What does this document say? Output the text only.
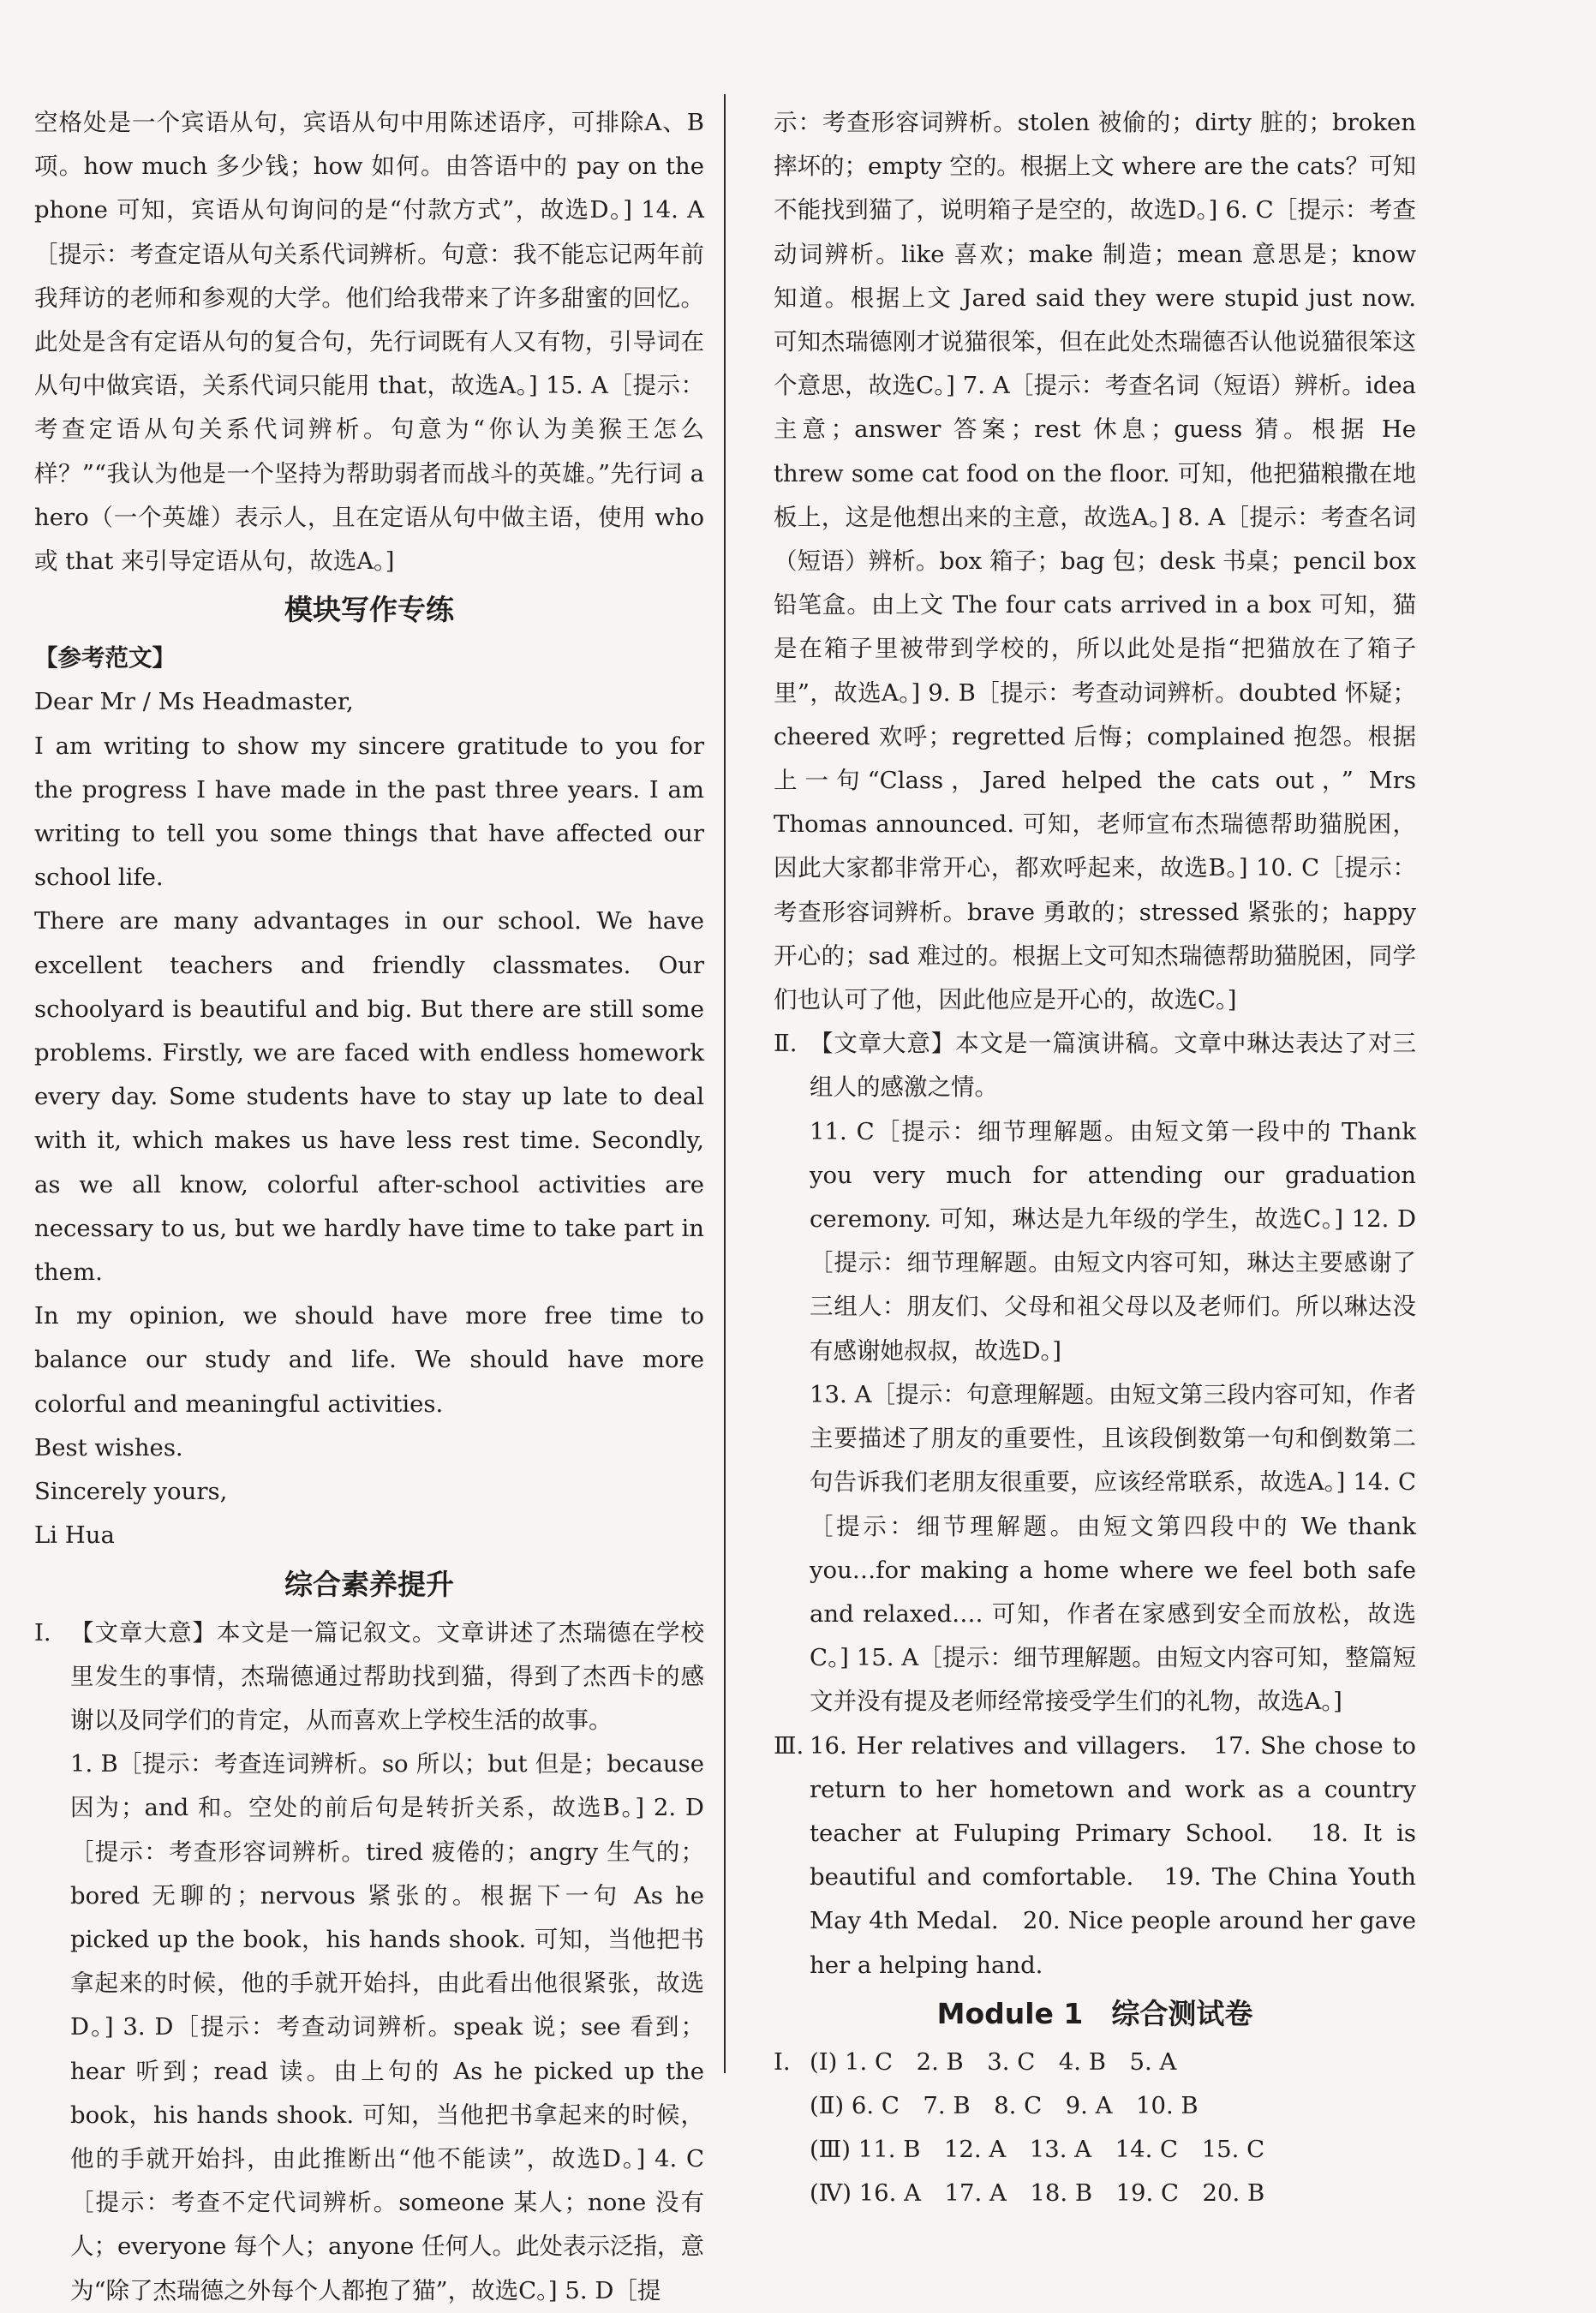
空格处是一个宾语从句，宾语从句中用陈述语序，可排除A、B项。how much 多少钱；how 如何。由答语中的 pay on the phone 可知，宾语从句询问的是“付款方式”，故选D。] 14. A［提示：考查定语从句关系代词辨析。句意：我不能忘记两年前我拜访的老师和参观的大学。他们给我带来了许多甜蜜的回忆。此处是含有定语从句的复合句，先行词既有人又有物，引导词在从句中做宾语，关系代词只能用 that，故选A。] 15. A［提示：考查定语从句关系代词辨析。句意为“你认为美猴王怎么样？”“我认为他是一个坚持为帮助弱者而战斗的英雄。”先行词 a hero（一个英雄）表示人，且在定语从句中做主语，使用 who 或 that 来引导定语从句，故选A。]

模块写作专练

【参考范文】

Dear Mr / Ms Headmaster,

I am writing to show my sincere gratitude to you for the progress I have made in the past three years. I am writing to tell you some things that have affected our school life.

There are many advantages in our school. We have excellent teachers and friendly classmates. Our schoolyard is beautiful and big. But there are still some problems. Firstly, we are faced with endless homework every day. Some students have to stay up late to deal with it, which makes us have less rest time. Secondly, as we all know, colorful after-school activities are necessary to us, but we hardly have time to take part in them.

In my opinion, we should have more free time to balance our study and life. We should have more colorful and meaningful activities.

Best wishes.

Sincerely yours,

Li Hua

综合素养提升
Ⅰ. 【文章大意】本文是一篇记叙文。文章讲述了杰瑞德在学校里发生的事情，杰瑞德通过帮助找到猫，得到了杰西卡的感谢以及同学们的肯定，从而喜欢上学校生活的故事。

1. B［提示：考查连词辨析。so 所以；but 但是；because 因为；and 和。空处的前后句是转折关系，故选B。] 2. D［提示：考查形容词辨析。tired 疲倦的；angry 生气的；bored 无聊的；nervous 紧张的。根据下一句 As he picked up the book，his hands shook. 可知，当他把书拿起来的时候，他的手就开始抖，由此看出他很紧张，故选D。] 3. D［提示：考查动词辨析。speak 说；see 看到；hear 听到；read 读。由上句的 As he picked up the book，his hands shook. 可知，当他把书拿起来的时候，他的手就开始抖，由此推断出“他不能读”，故选D。] 4. C［提示：考查不定代词辨析。someone 某人；none 没有人；everyone 每个人；anyone 任何人。此处表示泛指，意为“除了杰瑞德之外每个人都抱了猫”，故选C。] 5. D［提

示：考查形容词辨析。stolen 被偷的；dirty 脏的；broken 摔坏的；empty 空的。根据上文 where are the cats？可知不能找到猫了，说明箱子是空的，故选D。] 6. C［提示：考查动词辨析。like 喜欢；make 制造；mean 意思是；know 知道。根据上文 Jared said they were stupid just now. 可知杰瑞德刚才说猫很笨，但在此处杰瑞德否认他说猫很笨这个意思，故选C。] 7. A［提示：考查名词（短语）辨析。idea 主意；answer 答案；rest 休息；guess 猜。根据 He threw some cat food on the floor. 可知，他把猫粮撒在地板上，这是他想出来的主意，故选A。] 8. A［提示：考查名词（短语）辨析。box 箱子；bag 包；desk 书桌；pencil box 铅笔盒。由上文 The four cats arrived in a box 可知，猫是在箱子里被带到学校的，所以此处是指“把猫放在了箱子里”，故选A。] 9. B［提示：考查动词辨析。doubted 怀疑；cheered 欢呼；regretted 后悔；complained 抱怨。根据上一句“Class，Jared helped the cats out，” Mrs Thomas announced. 可知，老师宣布杰瑞德帮助猫脱困，因此大家都非常开心，都欢呼起来，故选B。] 10. C［提示：考查形容词辨析。brave 勇敢的；stressed 紧张的；happy 开心的；sad 难过的。根据上文可知杰瑞德帮助猫脱困，同学们也认可了他，因此他应是开心的，故选C。]

Ⅱ. 【文章大意】本文是一篇演讲稿。文章中琳达表达了对三组人的感激之情。

11. C［提示：细节理解题。由短文第一段中的 Thank you very much for attending our graduation ceremony. 可知，琳达是九年级的学生，故选C。] 12. D［提示：细节理解题。由短文内容可知，琳达主要感谢了三组人：朋友们、父母和祖父母以及老师们。所以琳达没有感谢她叔叔，故选D。]

13. A［提示：句意理解题。由短文第三段内容可知，作者主要描述了朋友的重要性，且该段倒数第一句和倒数第二句告诉我们老朋友很重要，应该经常联系，故选A。] 14. C［提示：细节理解题。由短文第四段中的 We thank you…for making a home where we feel both safe and relaxed…. 可知，作者在家感到安全而放松，故选C。] 15. A［提示：细节理解题。由短文内容可知，整篇短文并没有提及老师经常接受学生们的礼物，故选A。]

Ⅲ. 16. Her relatives and villagers.　17. She chose to return to her hometown and work as a country teacher at Fuluping Primary School.　18. It is beautiful and comfortable.　19. The China Youth May 4th Medal.　20. Nice people around her gave her a helping hand.

Module 1　综合测试卷
Ⅰ. (Ⅰ) 1. C　2. B　3. C　4. B　5. A

(Ⅱ) 6. C　7. B　8. C　9. A　10. B

(Ⅲ) 11. B　12. A　13. A　14. C　15. C

(Ⅳ) 16. A　17. A　18. B　19. C　20. B
